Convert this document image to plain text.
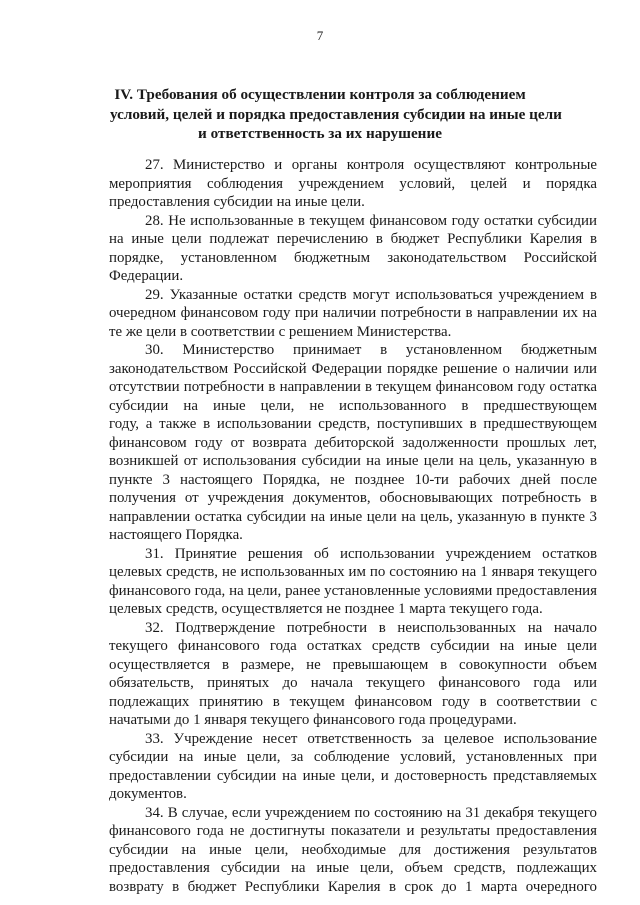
7
IV. Требования об осуществлении контроля за соблюдением
условий, целей и порядка предоставления субсидии на иные цели
и ответственность за их нарушение
27. Министерство и органы контроля осуществляют контрольные
мероприятия соблюдения учреждением условий, целей и порядка
предоставления субсидии на иные цели.
28. Не использованные в текущем финансовом году остатки субсидии
на иные цели подлежат перечислению в бюджет Республики Карелия в
порядке, установленном бюджетным законодательством Российской
Федерации.
29. Указанные остатки средств могут использоваться учреждением в
очередном финансовом году при наличии потребности в направлении их на
те же цели в соответствии с решением Министерства.
30. Министерство принимает в установленном бюджетным
законодательством Российской Федерации порядке решение о наличии или
отсутствии потребности в направлении в текущем финансовом году остатка
субсидии на иные цели, не использованного в предшествующем
году, а также в использовании средств, поступивших в предшествующем
финансовом году от возврата дебиторской задолженности прошлых лет,
возникшей от использования субсидии на иные цели на цель, указанную в
пункте 3 настоящего Порядка, не позднее 10-ти рабочих дней после
получения от учреждения документов, обосновывающих потребность в
направлении остатка субсидии на иные цели на цель, указанную в пункте 3
настоящего Порядка.
31. Принятие решения об использовании учреждением остатков
целевых средств, не использованных им по состоянию на 1 января текущего
финансового года, на цели, ранее установленные условиями предоставления
целевых средств, осуществляется не позднее 1 марта текущего года.
32. Подтверждение потребности в неиспользованных на начало
текущего финансового года остатках средств субсидии на иные цели
осуществляется в размере, не превышающем в совокупности объем
обязательств, принятых до начала текущего финансового года или
подлежащих принятию в текущем финансовом году в соответствии с
начатыми до 1 января текущего финансового года процедурами.
33. Учреждение несет ответственность за целевое использование
субсидии на иные цели, за соблюдение условий, установленных при
предоставлении субсидии на иные цели, и достоверность представляемых
документов.
34. В случае, если учреждением по состоянию на 31 декабря текущего
финансового года не достигнуты показатели и результаты предоставления
субсидии на иные цели, необходимые для достижения результатов
предоставления субсидии на иные цели, объем средств, подлежащих
возврату в бюджет Республики Карелия в срок до 1 марта очередного
